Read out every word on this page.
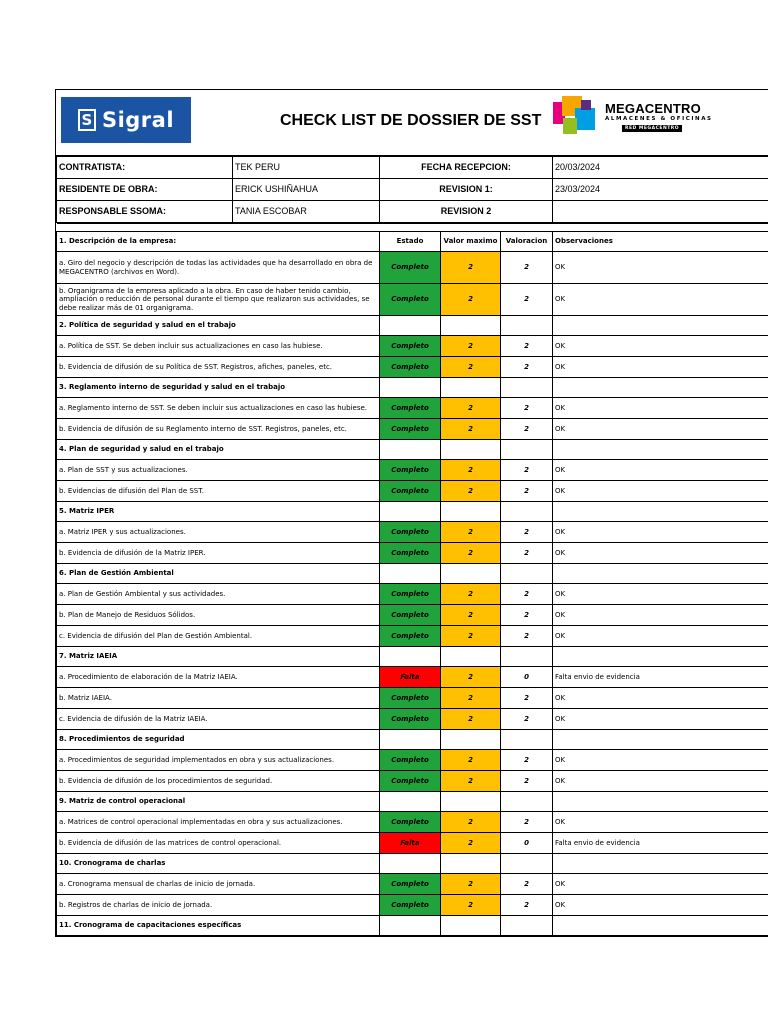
S Sigral	CHECK LIST DE DOSSIER DE SST
MEGACENTRO
ALMACENES & OFICINAS
RED MEGACENTRO
CONTRATISTA:	TEK PERU	FECHA RECEPCION:	20/03/2024
RESIDENTE DE OBRA:	ERICK USHIÑAHUA	REVISION 1:	23/03/2024
RESPONSABLE SSOMA:	TANIA ESCOBAR	REVISION 2	

1. Descripción de la empresa:	Estado	Valor maximo	Valoracion	Observaciones
a. Giro del negocio y descripción de todas las actividades que ha desarrollado en obra de MEGACENTRO (archivos en Word).	Completo	2	2	OK
b. Organigrama de la empresa aplicado a la obra. En caso de haber tenido cambio, ampliación o reducción de personal durante el tiempo que realizaron sus actividades, se debe realizar más de 01 organigrama.	Completo	2	2	OK
2. Política de seguridad y salud en el trabajo				
a. Política de SST. Se deben incluir sus actualizaciones en caso las hubiese.	Completo	2	2	OK
b. Evidencia de difusión de su Política de SST. Registros, afiches, paneles, etc.	Completo	2	2	OK
3. Reglamento interno de seguridad y salud en el trabajo				
a. Reglamento interno de SST. Se deben incluir sus actualizaciones en caso las hubiese.	Completo	2	2	OK
b. Evidencia de difusión de su Reglamento interno de SST. Registros, paneles, etc.	Completo	2	2	OK
4. Plan de seguridad y salud en el trabajo				
a. Plan de SST y sus actualizaciones.	Completo	2	2	OK
b. Evidencias de difusión del Plan de SST.	Completo	2	2	OK
5. Matriz IPER				
a. Matriz IPER y sus actualizaciones.	Completo	2	2	OK
b. Evidencia de difusión de la Matriz IPER.	Completo	2	2	OK
6. Plan de Gestión Ambiental				
a. Plan de Gestión Ambiental y sus actividades.	Completo	2	2	OK
b. Plan de Manejo de Residuos Sólidos.	Completo	2	2	OK
c. Evidencia de difusión del Plan de Gestión Ambiental.	Completo	2	2	OK
7. Matriz IAEIA				
a. Procedimiento de elaboración de la Matriz IAEIA.	Falta	2	0	Falta envio de evidencia
b. Matriz IAEIA.	Completo	2	2	OK
c. Evidencia de difusión de la Matriz IAEIA.	Completo	2	2	OK
8. Procedimientos de seguridad				
a. Procedimientos de seguridad implementados en obra y sus actualizaciones.	Completo	2	2	OK
b. Evidencia de difusión de los procedimientos de seguridad.	Completo	2	2	OK
9. Matriz de control operacional				
a. Matrices de control operacional implementadas en obra y sus actualizaciones.	Completo	2	2	OK
b. Evidencia de difusión de las matrices de control operacional.	Falta	2	0	Falta envio de evidencia
10. Cronograma de charlas				
a. Cronograma mensual de charlas de inicio de jornada.	Completo	2	2	OK
b. Registros de charlas de inicio de jornada.	Completo	2	2	OK
11. Cronograma de capacitaciones específicas				
